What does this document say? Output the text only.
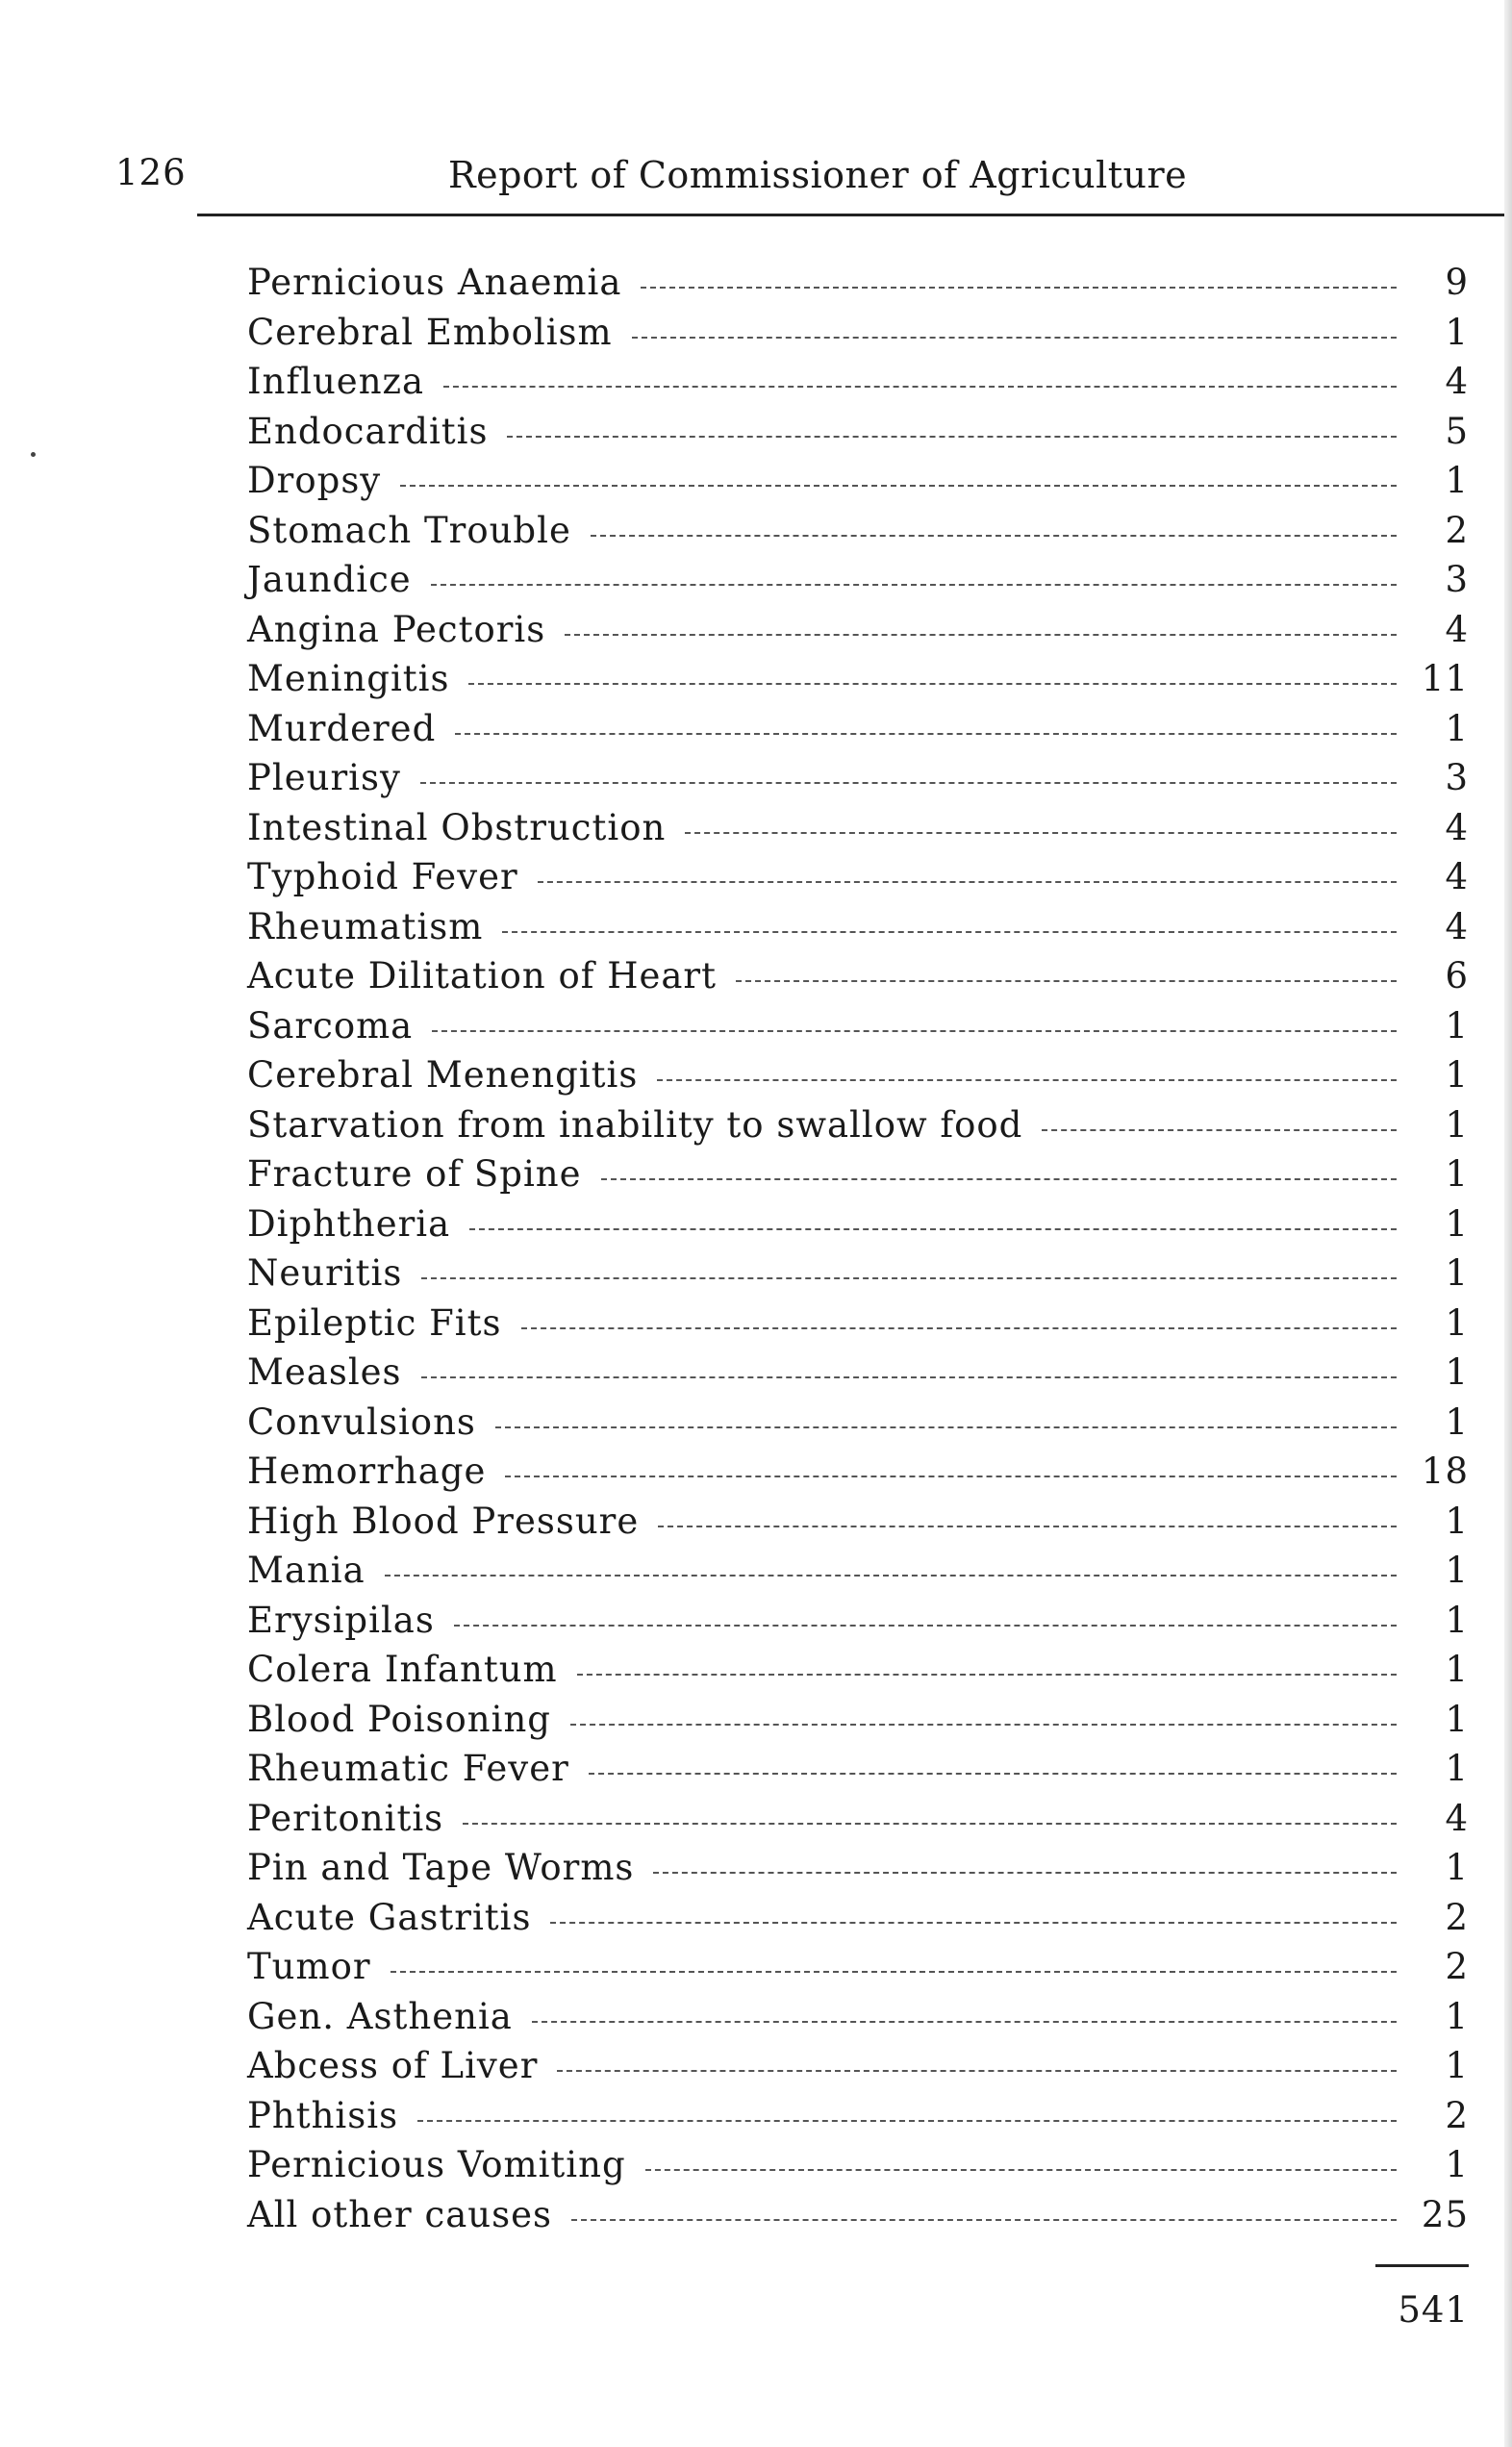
126	Report of Commissioner of Agriculture
Pernicious Anaemia	9
Cerebral Embolism	1
Influenza	4
Endocarditis	5
Dropsy	1
Stomach Trouble	2
Jaundice	3
Angina Pectoris	4
Meningitis	11
Murdered	1
Pleurisy	3
Intestinal Obstruction	4
Typhoid Fever	4
Rheumatism	4
Acute Dilitation of Heart	6
Sarcoma	1
Cerebral Menengitis	1
Starvation from inability to swallow food	1
Fracture of Spine	1
Diphtheria	1
Neuritis	1
Epileptic Fits	1
Measles	1
Convulsions	1
Hemorrhage	18
High Blood Pressure	1
Mania	1
Erysipilas	1
Colera Infantum	1
Blood Poisoning	1
Rheumatic Fever	1
Peritonitis	4
Pin and Tape Worms	1
Acute Gastritis	2
Tumor	2
Gen. Asthenia	1
Abcess of Liver	1
Phthisis	2
Pernicious Vomiting	1
All other causes	25
541
